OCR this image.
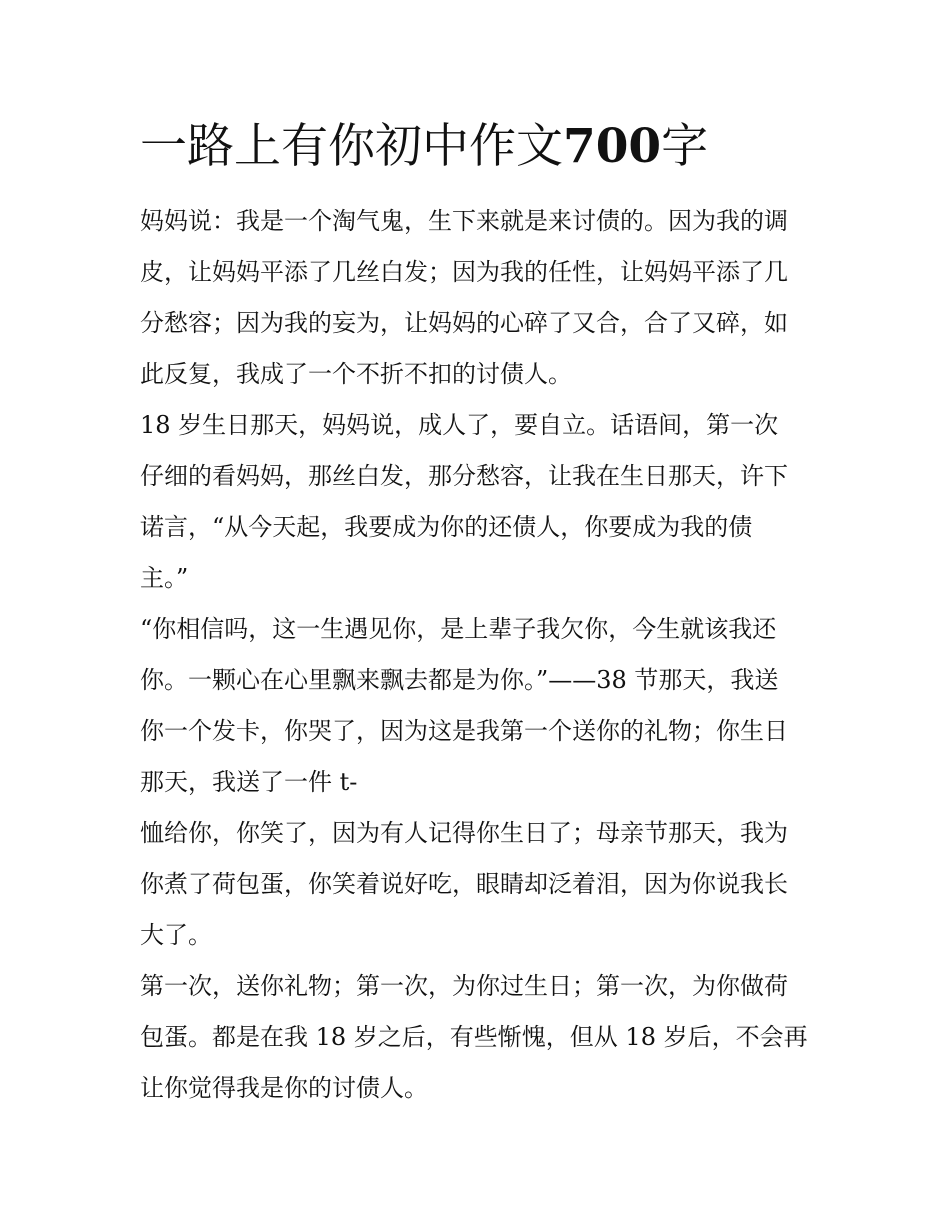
一路上有你初中作文700字

妈妈说：我是一个淘气鬼，生下来就是来讨债的。因为我的调

皮，让妈妈平添了几丝白发；因为我的任性，让妈妈平添了几

分愁容；因为我的妄为，让妈妈的心碎了又合，合了又碎，如

此反复，我成了一个不折不扣的讨债人。

18 岁生日那天，妈妈说，成人了，要自立。话语间，第一次

仔细的看妈妈，那丝白发，那分愁容，让我在生日那天，许下

诺言，“从今天起，我要成为你的还债人，你要成为我的债

主。”

“你相信吗，这一生遇见你，是上辈子我欠你，今生就该我还

你。一颗心在心里飘来飘去都是为你。”——38 节那天，我送

你一个发卡，你哭了，因为这是我第一个送你的礼物；你生日

那天，我送了一件 t-

恤给你，你笑了，因为有人记得你生日了；母亲节那天，我为

你煮了荷包蛋，你笑着说好吃，眼睛却泛着泪，因为你说我长

大了。

第一次，送你礼物；第一次，为你过生日；第一次，为你做荷

包蛋。都是在我 18 岁之后，有些惭愧，但从 18 岁后，不会再

让你觉得我是你的讨债人。
